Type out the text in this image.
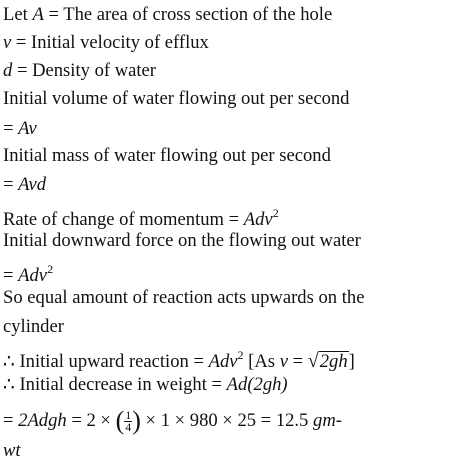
Let A = The area of cross section of the hole
v = Initial velocity of efflux
d = Density of water
Initial volume of water flowing out per second
= Av
Initial mass of water flowing out per second
= Avd
Rate of change of momentum = Adv$^2$
Initial downward force on the flowing out water
= Adv$^2$
So equal amount of reaction acts upwards on the
cylinder
∴ Initial upward reaction = Adv$^2$ [As v = √2gh]
∴ Initial decrease in weight = Ad(2gh)
= 2Adgh = 2 × ( $\frac{1}{4}$ ) × 1 × 980 × 25 = 12.5 gm-
wt
